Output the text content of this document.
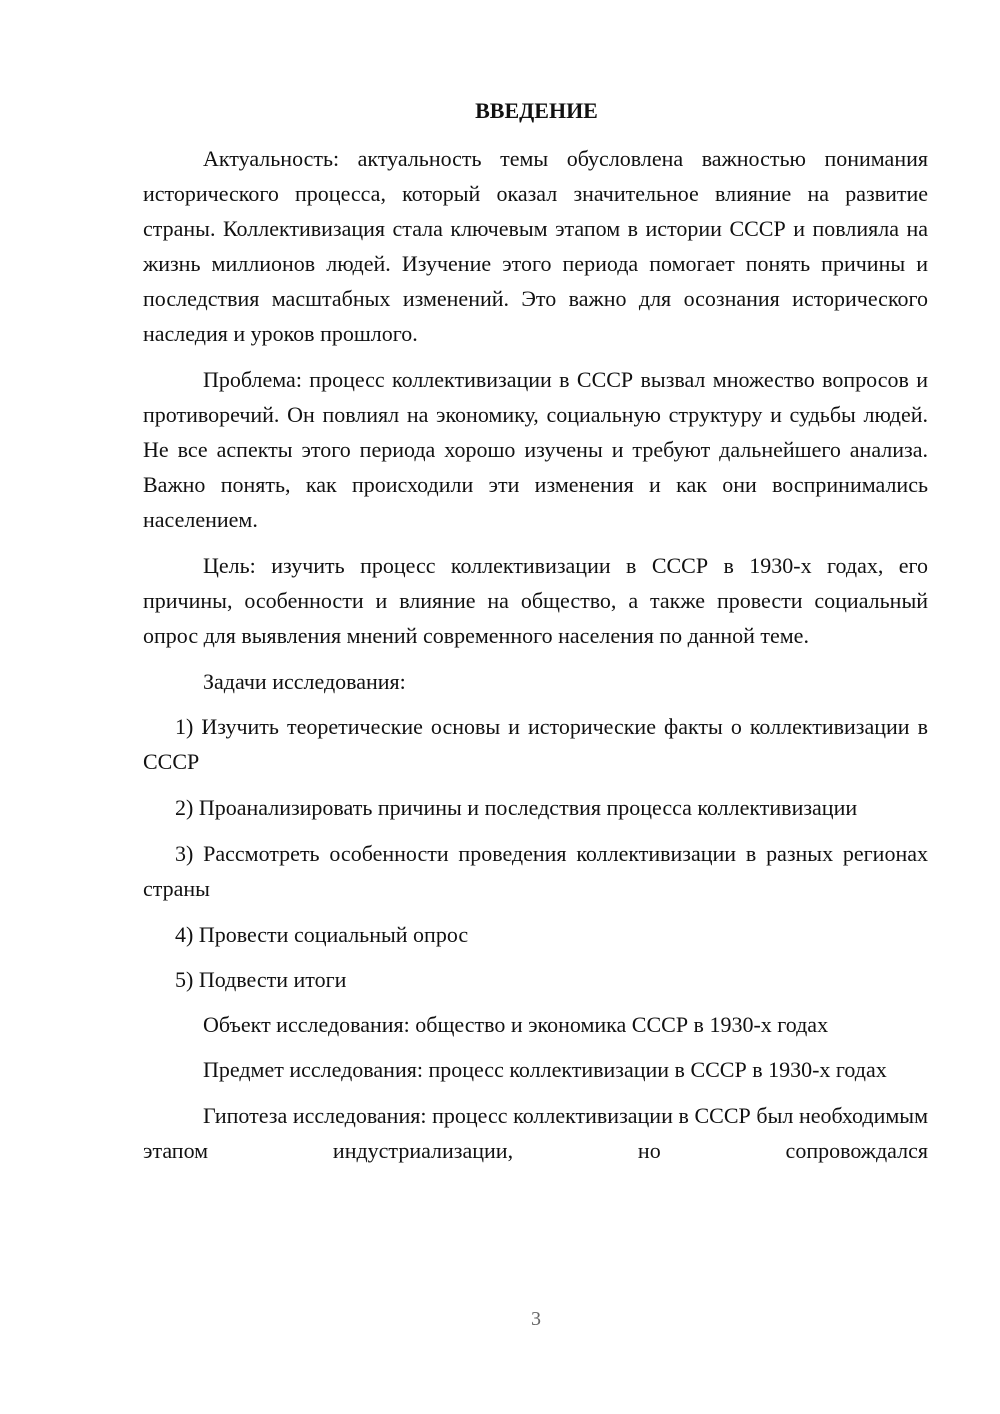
ВВЕДЕНИЕ

Актуальность: актуальность темы обусловлена важностью понимания исторического процесса, который оказал значительное влияние на развитие страны. Коллективизация стала ключевым этапом в истории СССР и повлияла на жизнь миллионов людей. Изучение этого периода помогает понять причины и последствия масштабных изменений. Это важно для осознания исторического наследия и уроков прошлого.

Проблема: процесс коллективизации в СССР вызвал множество вопросов и противоречий. Он повлиял на экономику, социальную структуру и судьбы людей. Не все аспекты этого периода хорошо изучены и требуют дальнейшего анализа. Важно понять, как происходили эти изменения и как они воспринимались населением.

Цель: изучить процесс коллективизации в СССР в 1930-х годах, его причины, особенности и влияние на общество, а также провести социальный опрос для выявления мнений современного населения по данной теме.

Задачи исследования:

1) Изучить теоретические основы и исторические факты о коллективизации в СССР

2) Проанализировать причины и последствия процесса коллективизации

3) Рассмотреть особенности проведения коллективизации в разных регионах страны

4) Провести социальный опрос

5) Подвести итоги

Объект исследования: общество и экономика СССР в 1930-х годах

Предмет исследования: процесс коллективизации в СССР в 1930-х годах

Гипотеза исследования: процесс коллективизации в СССР был необходимым этапом индустриализации, но сопровождался

3
